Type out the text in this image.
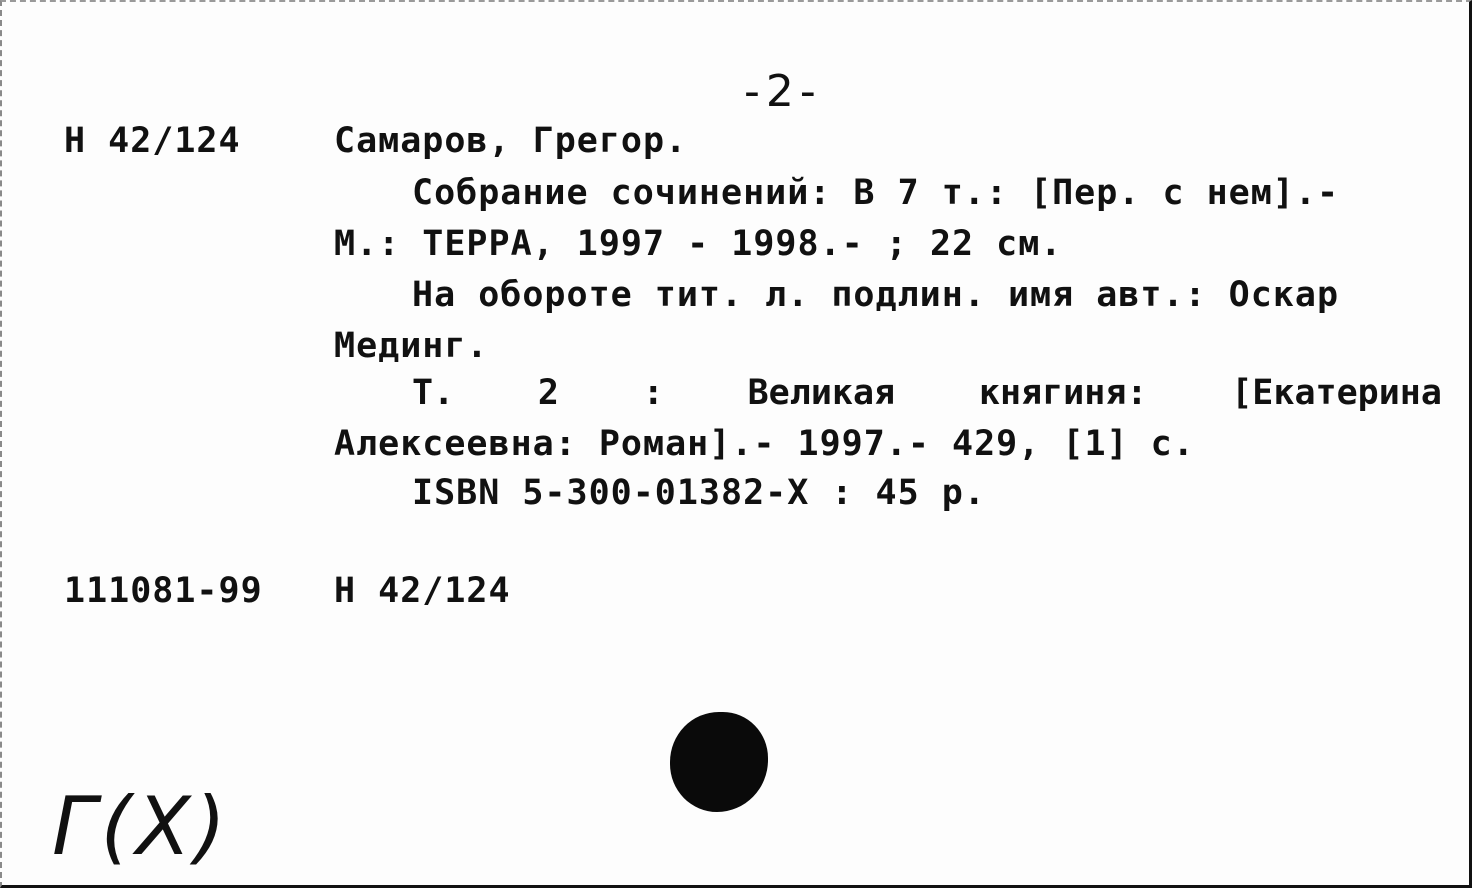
-2-
Н 42/124	Самаров, Грегор.
Собрание сочинений: В 7 т.: [Пер. с нем].-
М.: ТЕРРА, 1997 - 1998.- ; 22 см.
На обороте тит. л. подлин. имя авт.: Оскар
Мединг.
Т. 2 : Великая княгиня: [Екатерина
Алексеевна: Роман].- 1997.- 429, [1] с.
ISBN 5-300-01382-X : 45 р.
111081-99 Н 42/124
Г(Х)
